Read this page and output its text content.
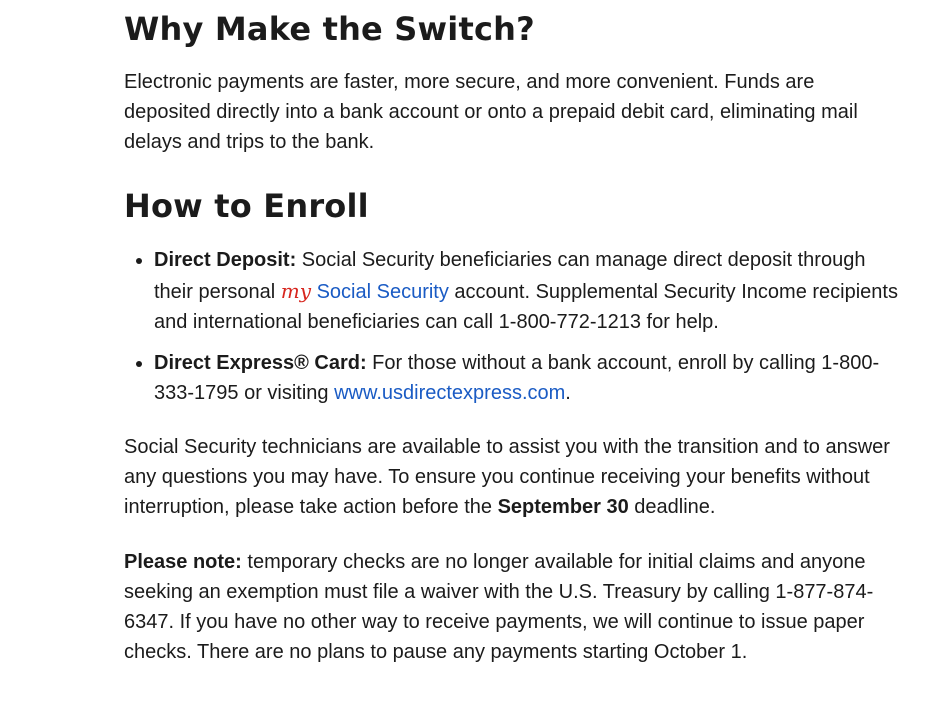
Why Make the Switch?

Electronic payments are faster, more secure, and more convenient. Funds are deposited directly into a bank account or onto a prepaid debit card, eliminating mail delays and trips to the bank.

How to Enroll
Direct Deposit: Social Security beneficiaries can manage direct deposit through their personal my Social Security account. Supplemental Security Income recipients and international beneficiaries can call 1-800-772-1213 for help.
Direct Express® Card: For those without a bank account, enroll by calling 1-800-333-1795 or visiting www.usdirectexpress.com.

Social Security technicians are available to assist you with the transition and to answer any questions you may have. To ensure you continue receiving your benefits without interruption, please take action before the September 30 deadline.

Please note: temporary checks are no longer available for initial claims and anyone seeking an exemption must file a waiver with the U.S. Treasury by calling 1-877-874-6347. If you have no other way to receive payments, we will continue to issue paper checks. There are no plans to pause any payments starting October 1.
